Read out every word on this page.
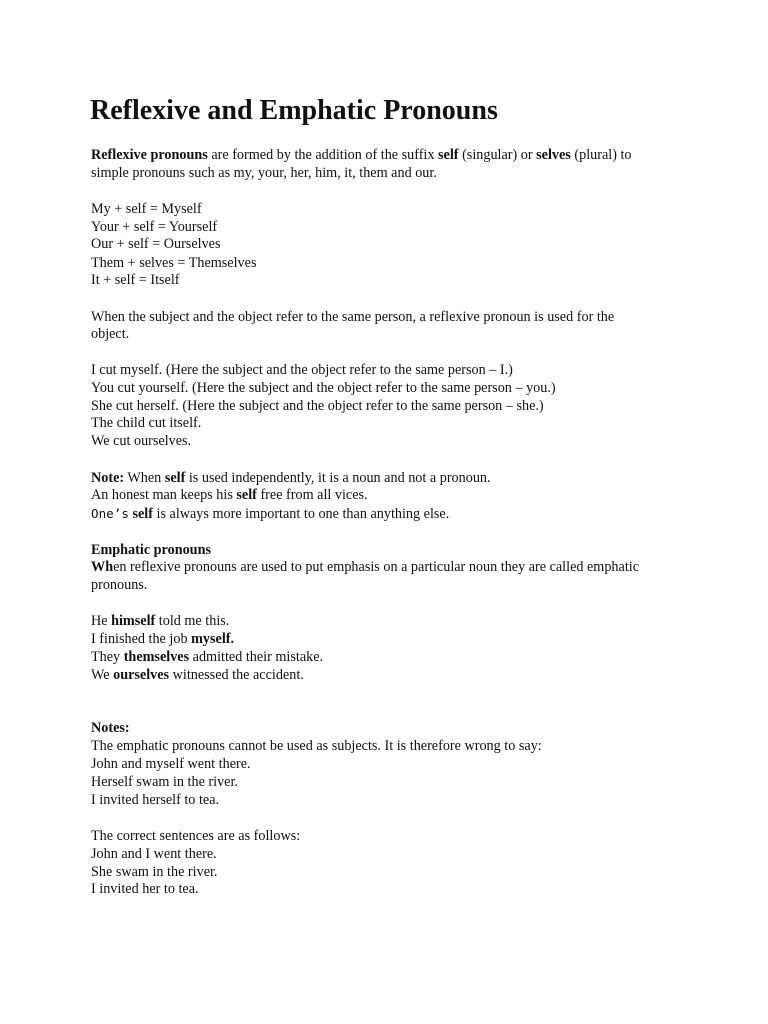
Reflexive and Emphatic Pronouns

Reflexive pronouns are formed by the addition of the suffix self (singular) or selves (plural) to

simple pronouns such as my, your, her, him, it, them and our.

My + self = Myself

Your + self = Yourself

Our + self = Ourselves

Them + selves = Themselves

It + self = Itself

When the subject and the object refer to the same person, a reflexive pronoun is used for the

object.

I cut myself. (Here the subject and the object refer to the same person – I.)

You cut yourself. (Here the subject and the object refer to the same person – you.)

She cut herself. (Here the subject and the object refer to the same person – she.)

The child cut itself.

We cut ourselves.

Note: When self is used independently, it is a noun and not a pronoun.

An honest man keeps his self free from all vices.

One’s self is always more important to one than anything else.

Emphatic pronouns

When reflexive pronouns are used to put emphasis on a particular noun they are called emphatic

pronouns.

He himself told me this.

I finished the job myself.

They themselves admitted their mistake.

We ourselves witnessed the accident.

Notes:

The emphatic pronouns cannot be used as subjects. It is therefore wrong to say:

John and myself went there.

Herself swam in the river.

I invited herself to tea.

The correct sentences are as follows:

John and I went there.

She swam in the river.

I invited her to tea.
